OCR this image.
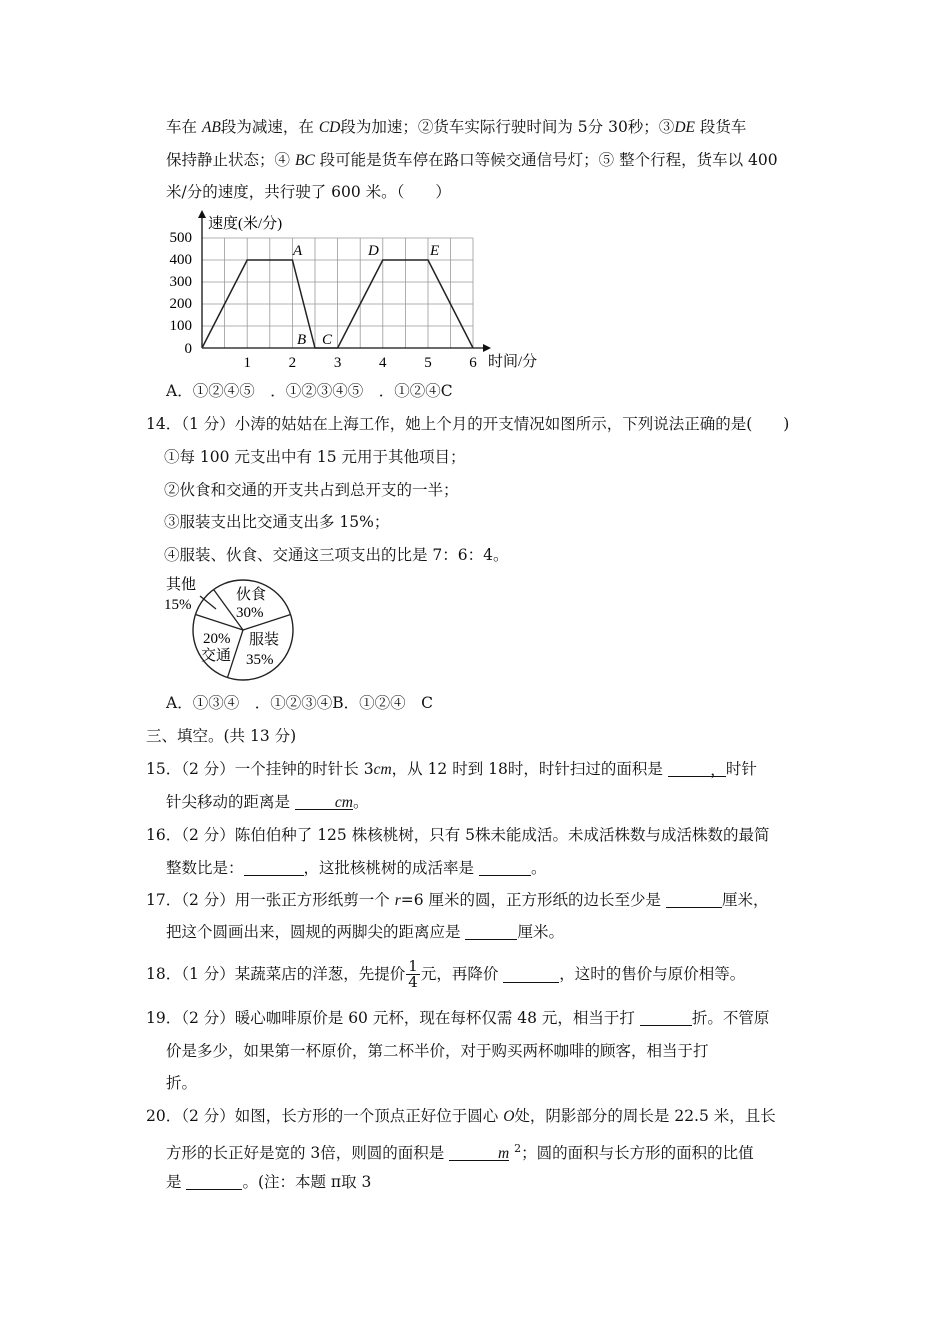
车在 AB段为减速，在 CD段为加速；②货车实际行驶时间为 5分 30秒；③DE 段货车
保持静止状态；④ BC 段可能是货车停在路口等候交通信号灯；⑤ 整个行程，货车以 400
米/分的速度，共行驶了 600 米。（　　）
速度(米/分)
时间/分
500
400
300
200
100
0
1	2	3	4	5	6
A
B C
D	E
A．①②④⑤　．①②③④⑤　．①②④C
14．（1 分）小涛的姑姑在上海工作，她上个月的开支情况如图所示，下列说法正确的是(　　)
①每 100 元支出中有 15 元用于其他项目；
②伙食和交通的开支共占到总开支的一半；
③服装支出比交通支出多 15%；
④服装、伙食、交通这三项支出的比是 7：6：4。
其他
15%
伙食
30%
20%
交通
服装
35%
A．①③④　．①②③④B．①②④　C
三、填空。(共 13 分)
15．（2 分）一个挂钟的时针长 3cm，从 12 时到 18时，时针扫过的面积是	， 时针
针尖移动的距离是	cm 。
16．（2 分）陈伯伯种了 125 株核桃树，只有 5株未能成活。未成活株数与成活株数的最简
整数比是：	，这批核桃树的成活率是	。
17．（2 分）用一张正方形纸剪一个 r=6 厘米的圆，正方形纸的边长至少是	厘米，
把这个圆画出来，圆规的两脚尖的距离应是	厘米。
18．（1 分）某蔬菜店的洋葱，先提价 $\frac{1}{4}$ 元，再降价	，这时的售价与原价相等。
19．（2 分）暖心咖啡原价是 60 元杯，现在每杯仅需 48 元，相当于打	折。不管原
价是多少，如果第一杯原价，第二杯半价，对于购买两杯咖啡的顾客，相当于打
折。
20．（2 分）如图，长方形的一个顶点正好位于圆心 O处，阴影部分的周长是 22.5 米，且长
方形的长正好是宽的 3倍，则圆的面积是	m $^2$；圆的面积与长方形的面积的比值
是	。(注：本题 π取 3
